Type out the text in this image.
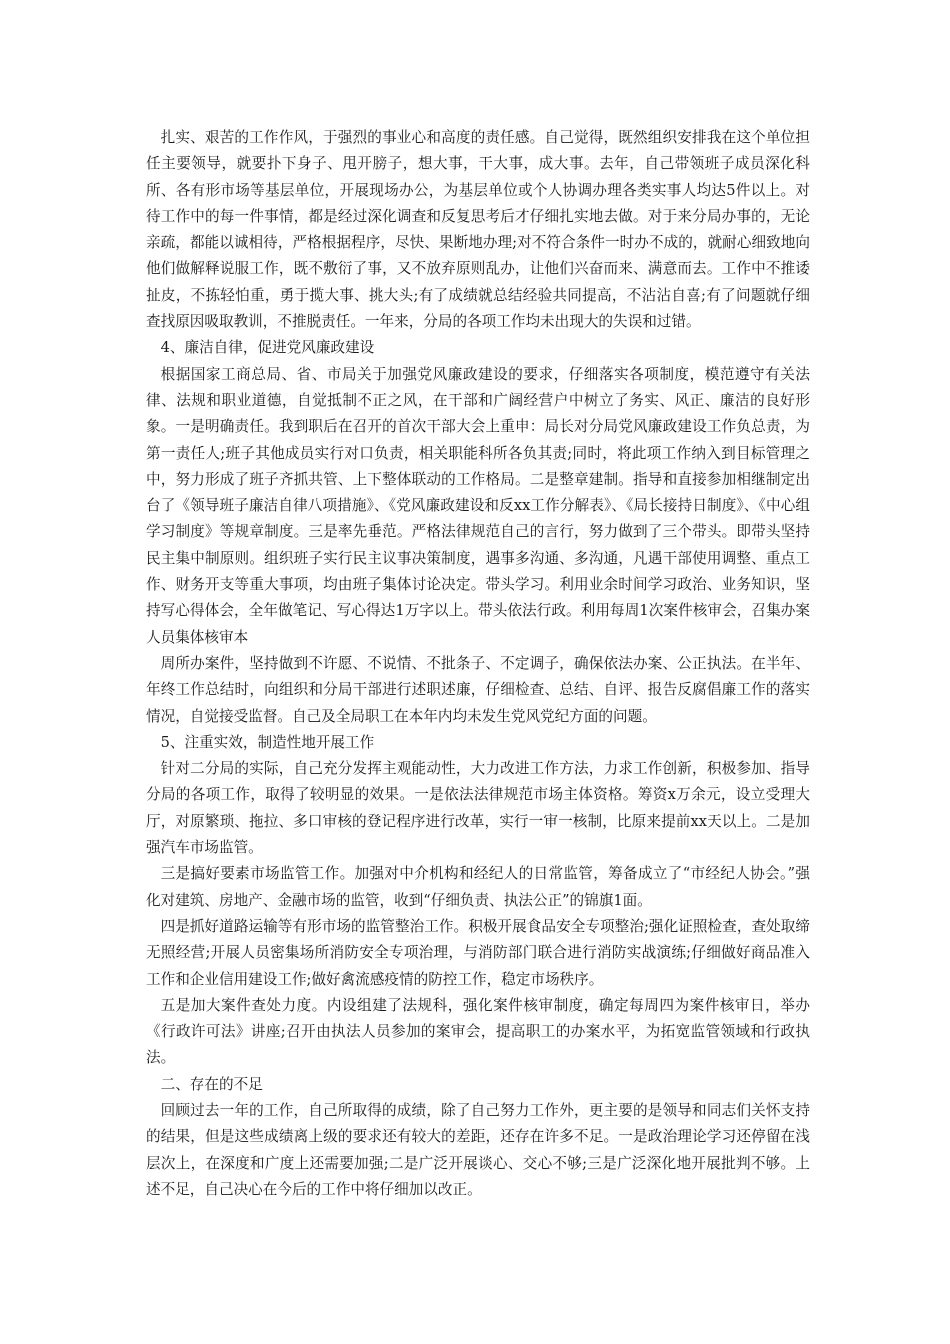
扎实、艰苦的工作作风，于强烈的事业心和高度的责任感。自己觉得，既然组织安排我在这个单位担任主要领导，就要扑下身子、甩开膀子，想大事，干大事，成大事。去年，自己带领班子成员深化科所、各有形市场等基层单位，开展现场办公，为基层单位或个人协调办理各类实事人均达5件以上。对待工作中的每一件事情，都是经过深化调查和反复思考后才仔细扎实地去做。对于来分局办事的，无论亲疏，都能以诚相待，严格根据程序，尽快、果断地办理;对不符合条件一时办不成的，就耐心细致地向他们做解释说服工作，既不敷衍了事，又不放弃原则乱办，让他们兴奋而来、满意而去。工作中不推诿扯皮，不拣轻怕重，勇于揽大事、挑大头;有了成绩就总结经验共同提高，不沾沾自喜;有了问题就仔细查找原因吸取教训，不推脱责任。一年来，分局的各项工作均未出现大的失误和过错。

4、廉洁自律，促进党风廉政建设

根据国家工商总局、省、市局关于加强党风廉政建设的要求，仔细落实各项制度，模范遵守有关法律、法规和职业道德，自觉抵制不正之风，在干部和广阔经营户中树立了务实、风正、廉洁的良好形象。一是明确责任。我到职后在召开的首次干部大会上重申：局长对分局党风廉政建设工作负总责，为第一责任人;班子其他成员实行对口负责，相关职能科所各负其责;同时，将此项工作纳入到目标管理之中，努力形成了班子齐抓共管、上下整体联动的工作格局。二是整章建制。指导和直接参加相继制定出台了《领导班子廉洁自律八项措施》、《党风廉政建设和反xx工作分解表》、《局长接持日制度》、《中心组学习制度》等规章制度。三是率先垂范。严格法律规范自己的言行，努力做到了三个带头。即带头坚持民主集中制原则。组织班子实行民主议事决策制度，遇事多沟通、多沟通，凡遇干部使用调整、重点工作、财务开支等重大事项，均由班子集体讨论决定。带头学习。利用业余时间学习政治、业务知识，坚持写心得体会，全年做笔记、写心得达1万字以上。带头依法行政。利用每周1次案件核审会，召集办案人员集体核审本

周所办案件，坚持做到不许愿、不说情、不批条子、不定调子，确保依法办案、公正执法。在半年、年终工作总结时，向组织和分局干部进行述职述廉，仔细检查、总结、自评、报告反腐倡廉工作的落实情况，自觉接受监督。自己及全局职工在本年内均未发生党风党纪方面的问题。

5、注重实效，制造性地开展工作

针对二分局的实际，自己充分发挥主观能动性，大力改进工作方法，力求工作创新，积极参加、指导分局的各项工作，取得了较明显的效果。一是依法法律规范市场主体资格。筹资x万余元，设立受理大厅，对原繁琐、拖拉、多口审核的登记程序进行改革，实行一审一核制，比原来提前xx天以上。二是加强汽车市场监管。

三是搞好要素市场监管工作。加强对中介机构和经纪人的日常监管，筹备成立了“市经纪人协会。”强化对建筑、房地产、金融市场的监管，收到“仔细负责、执法公正”的锦旗1面。

四是抓好道路运输等有形市场的监管整治工作。积极开展食品安全专项整治;强化证照检查，查处取缔无照经营;开展人员密集场所消防安全专项治理，与消防部门联合进行消防实战演练;仔细做好商品准入工作和企业信用建设工作;做好禽流感疫情的防控工作，稳定市场秩序。

五是加大案件查处力度。内设组建了法规科，强化案件核审制度，确定每周四为案件核审日，举办《行政许可法》讲座;召开由执法人员参加的案审会，提高职工的办案水平，为拓宽监管领域和行政执法。

二、存在的不足

回顾过去一年的工作，自己所取得的成绩，除了自己努力工作外，更主要的是领导和同志们关怀支持的结果，但是这些成绩离上级的要求还有较大的差距，还存在许多不足。一是政治理论学习还停留在浅层次上，在深度和广度上还需要加强;二是广泛开展谈心、交心不够;三是广泛深化地开展批判不够。上述不足，自己决心在今后的工作中将仔细加以改正。
